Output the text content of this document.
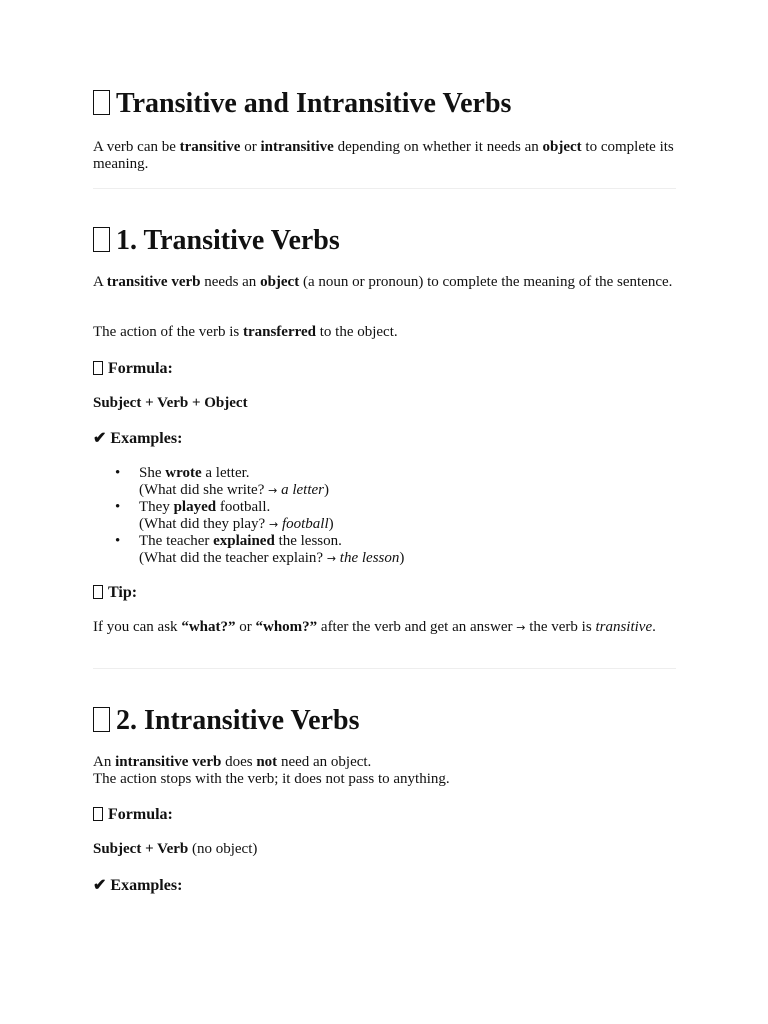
Transitive and Intransitive Verbs
A verb can be transitive or intransitive depending on whether it needs an object to complete its meaning.
1. Transitive Verbs
A transitive verb needs an object (a noun or pronoun) to complete the meaning of the sentence.
The action of the verb is transferred to the object.
Formula:
Subject + Verb + Object
✔ Examples:
• She wrote a letter.
(What did she write? → a letter)
• They played football.
(What did they play? → football)
• The teacher explained the lesson.
(What did the teacher explain? → the lesson)
Tip:
If you can ask “what?” or “whom?” after the verb and get an answer → the verb is transitive.
2. Intransitive Verbs
An intransitive verb does not need an object.
The action stops with the verb; it does not pass to anything.
Formula:
Subject + Verb (no object)
✔ Examples:
